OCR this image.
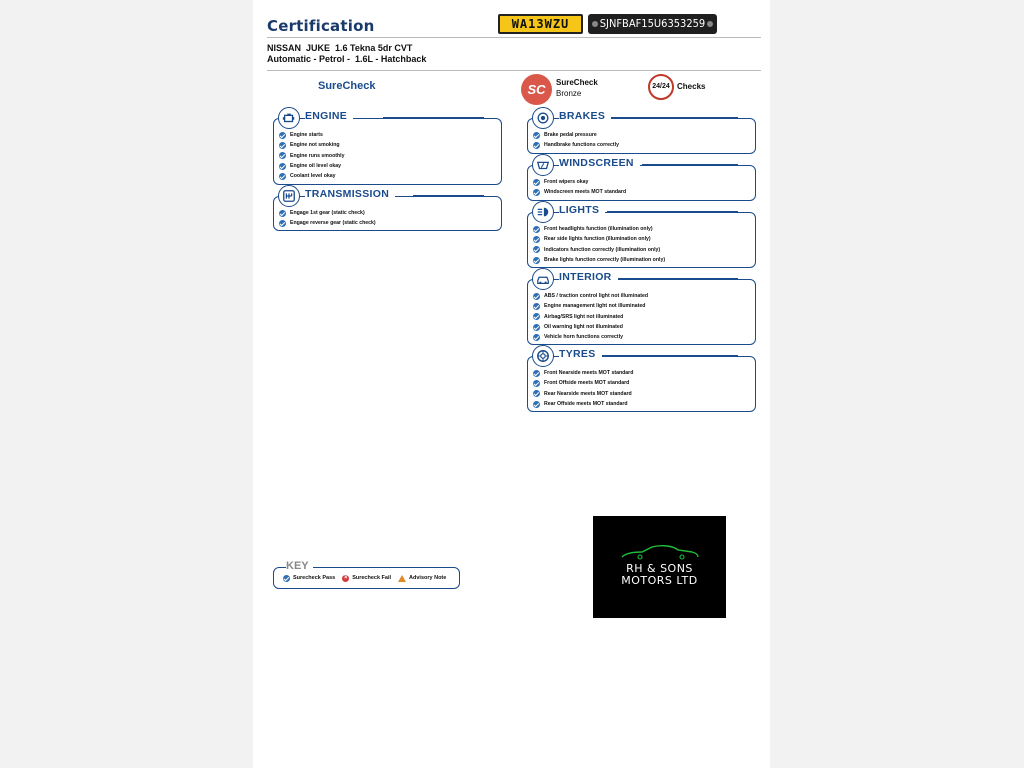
Certification	WA13WZU	SJNFBAF15U6353259
NISSAN  JUKE  1.6 Tekna 5dr CVT
Automatic - Petrol -  1.6L - Hatchback
SureCheck	SC	SureCheck
Bronze
24/24 Checks
ENGINE
Engine starts
Engine not smoking
Engine runs smoothly
Engine oil level okay
Coolant level okay
TRANSMISSION
Engage 1st gear (static check)
Engage reverse gear (static check)
BRAKES
Brake pedal pressure
Handbrake functions correctly
WINDSCREEN
Front wipers okay
Windscreen meets MOT standard
LIGHTS
Front headlights function (illumination only)
Rear side lights function (illumination only)
Indicators function correctly (illumination only)
Brake lights function correctly (illumination only)
INTERIOR
ABS / traction control light not illuminated
Engine management light not illuminated
Airbag/SRS light not illuminated
Oil warning light not illuminated
Vehicle horn functions correctly
TYRES
Front Nearside meets MOT standard
Front Offside meets MOT standard
Rear Nearside meets MOT standard
Rear Offside meets MOT standard
Surecheck Pass × Surecheck Fail	Advisory Note
KEY	RH & SONS
MOTORS LTD
